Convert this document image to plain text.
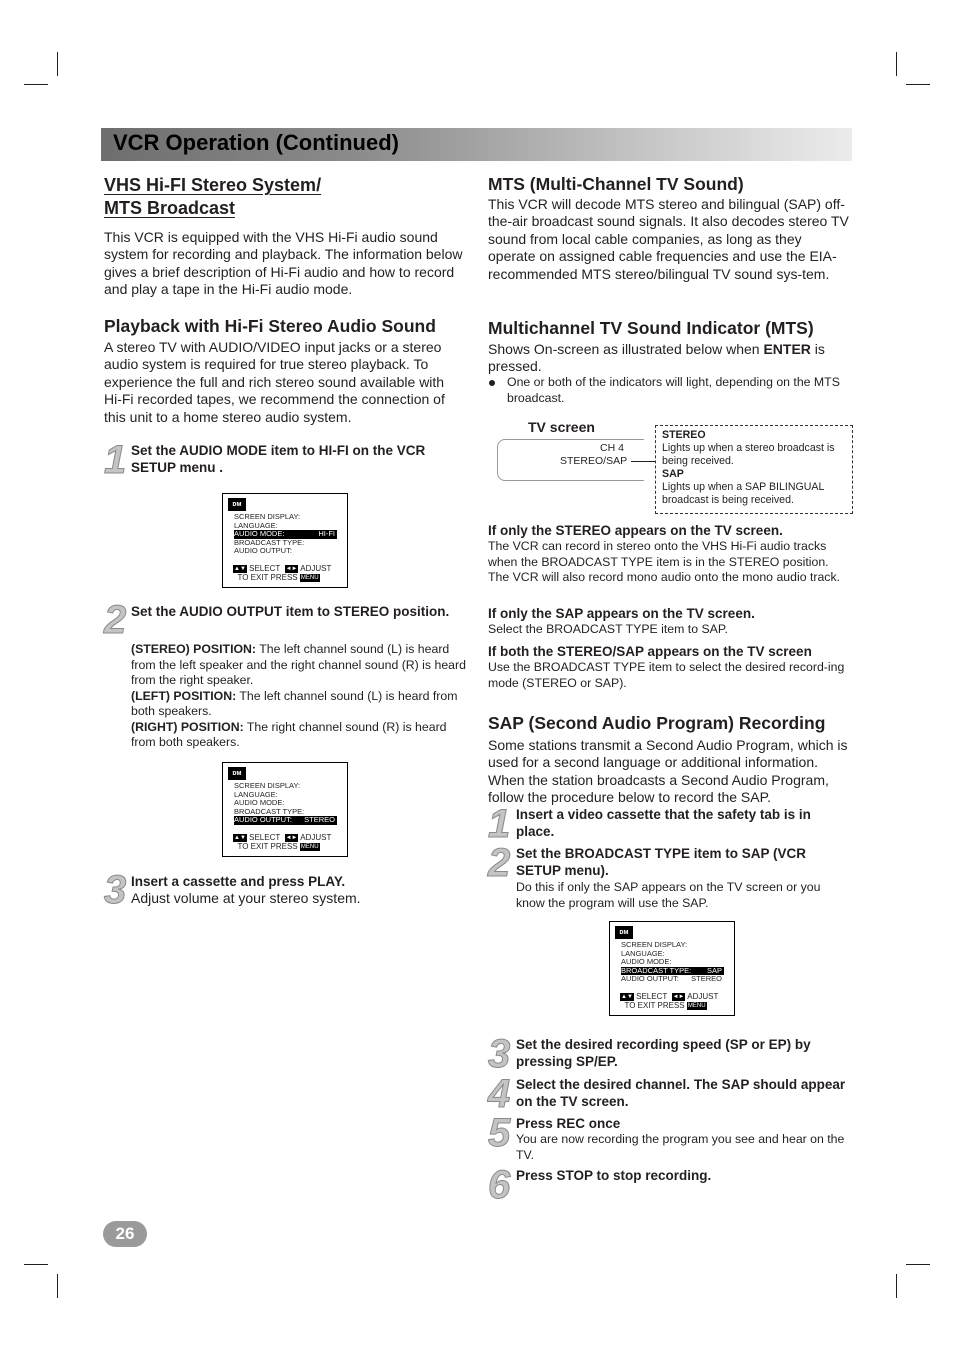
VCR Operation (Continued)
VHS Hi-FI Stereo System/
MTS Broadcast
This VCR is equipped with the VHS Hi-Fi audio sound system for recording and playback. The information below gives a brief description of Hi-Fi audio and how to record and play a tape in the Hi-Fi audio mode.
Playback with Hi-Fi Stereo Audio Sound
A stereo TV with AUDIO/VIDEO input jacks or a stereo audio system is required for true stereo playback. To experience the full and rich stereo sound available with Hi-Fi recorded tapes, we recommend the connection of this unit to a home stereo audio system.
1 Set the AUDIO MODE item to HI-FI on the VCR SETUP menu .
ᴅᴍ
SCREEN DISPLAY:
LANGUAGE:
AUDIO MODE:	HI-FI
BROADCAST TYPE:
AUDIO OUTPUT:
▲▼ SELECT ◄► ADJUST
TO EXIT PRESS MENU
2 Set the AUDIO OUTPUT item to STEREO position.
(STEREO) POSITION: The left channel sound (L) is heard from the left speaker and the right channel sound (R) is heard from the right speaker.
(LEFT) POSITION: The left channel sound (L) is heard from both speakers.
(RIGHT) POSITION: The right channel sound (R) is heard from both speakers.
ᴅᴍ
SCREEN DISPLAY:
LANGUAGE:
AUDIO MODE:
BROADCAST TYPE:
AUDIO OUTPUT: STEREO
▲▼ SELECT ◄► ADJUST
TO EXIT PRESS MENU
3 Insert a cassette and press PLAY.
Adjust volume at your stereo system.
MTS (Multi-Channel TV Sound)
This VCR will decode MTS stereo and bilingual (SAP) off-the-air broadcast sound signals. It also decodes stereo TV sound from local cable companies, as long as they operate on assigned cable frequencies and use the EIA-recommended MTS stereo/bilingual TV sound sys-tem.
Multichannel TV Sound Indicator (MTS)
Shows On-screen as illustrated below when ENTER is pressed.
One or both of the indicators will light, depending on the MTS broadcast.
TV screen
CH 4
STEREO/SAP
STEREO
Lights up when a stereo broadcast is being received.
SAP
Lights up when a SAP BILINGUAL broadcast is being received.
If only the STEREO appears on the TV screen.
The VCR can record in stereo onto the VHS Hi-Fi audio tracks when the BROADCAST TYPE item is in the STEREO position. The VCR will also record mono audio onto the mono audio track.
If only the SAP appears on the TV screen.
Select the BROADCAST TYPE item to SAP.
If both the STEREO/SAP appears on the TV screen
Use the BROADCAST TYPE item to select the desired record-ing mode (STEREO or SAP).
SAP (Second Audio Program) Recording
Some stations transmit a Second Audio Program, which is used for a second language or additional information. When the station broadcasts a Second Audio Program, follow the procedure below to record the SAP.
1 Insert a video cassette that the safety tab is in place.
2 Set the BROADCAST TYPE item to SAP (VCR SETUP menu).
Do this if only the SAP appears on the TV screen or you know the program will use the SAP.
ᴅᴍ
SCREEN DISPLAY:
LANGUAGE:
AUDIO MODE:
BROADCAST TYPE: SAP
AUDIO OUTPUT: STEREO
▲▼ SELECT ◄► ADJUST
TO EXIT PRESS MENU
3 Set the desired recording speed (SP or EP) by pressing SP/EP.
4 Select the desired channel. The SAP should appear on the TV screen.
5 Press REC once
You are now recording the program you see and hear on the TV.
6 Press STOP to stop recording.
26
